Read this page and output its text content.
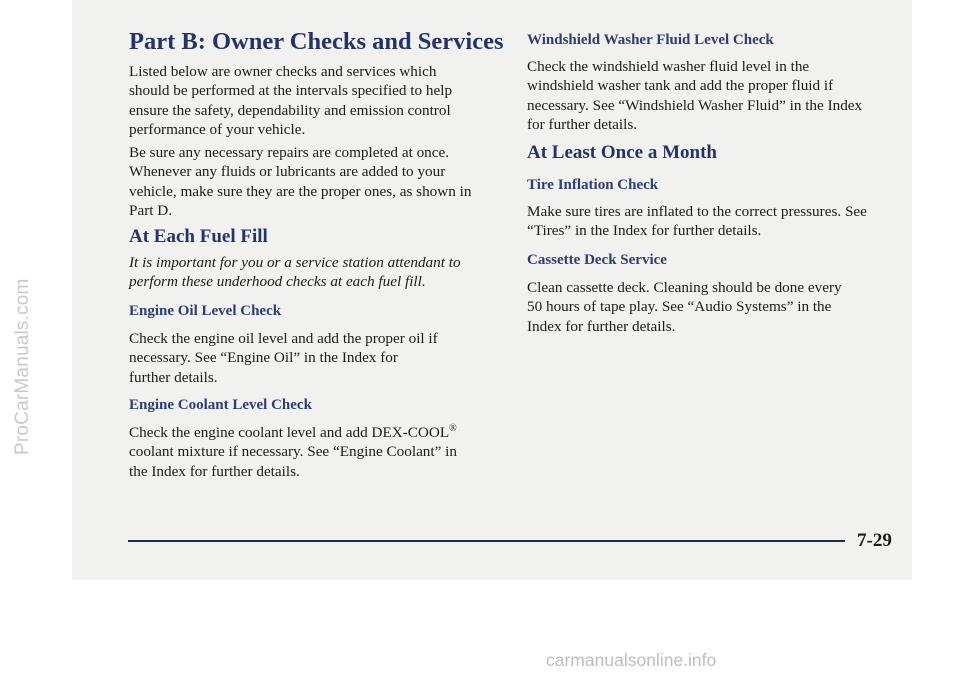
ProCarManuals.com
Part B: Owner Checks and Services

Listed below are owner checks and services which
should be performed at the intervals specified to help
ensure the safety, dependability and emission control
performance of your vehicle.

Be sure any necessary repairs are completed at once.
Whenever any fluids or lubricants are added to your
vehicle, make sure they are the proper ones, as shown in
Part D.

At Each Fuel Fill

It is important for you or a service station attendant to
perform these underhood checks at each fuel fill.

Engine Oil Level Check

Check the engine oil level and add the proper oil if
necessary. See “Engine Oil” in the Index for
further details.

Engine Coolant Level Check

Check the engine coolant level and add DEX-COOL®
coolant mixture if necessary. See “Engine Coolant” in
the Index for further details.

Windshield Washer Fluid Level Check

Check the windshield washer fluid level in the
windshield washer tank and add the proper fluid if
necessary. See “Windshield Washer Fluid” in the Index
for further details.

At Least Once a Month
Tire Inflation Check

Make sure tires are inflated to the correct pressures. See
“Tires” in the Index for further details.

Cassette Deck Service

Clean cassette deck. Cleaning should be done every
50 hours of tape play. See “Audio Systems” in the
Index for further details.

7-29
carmanualsonline.info
